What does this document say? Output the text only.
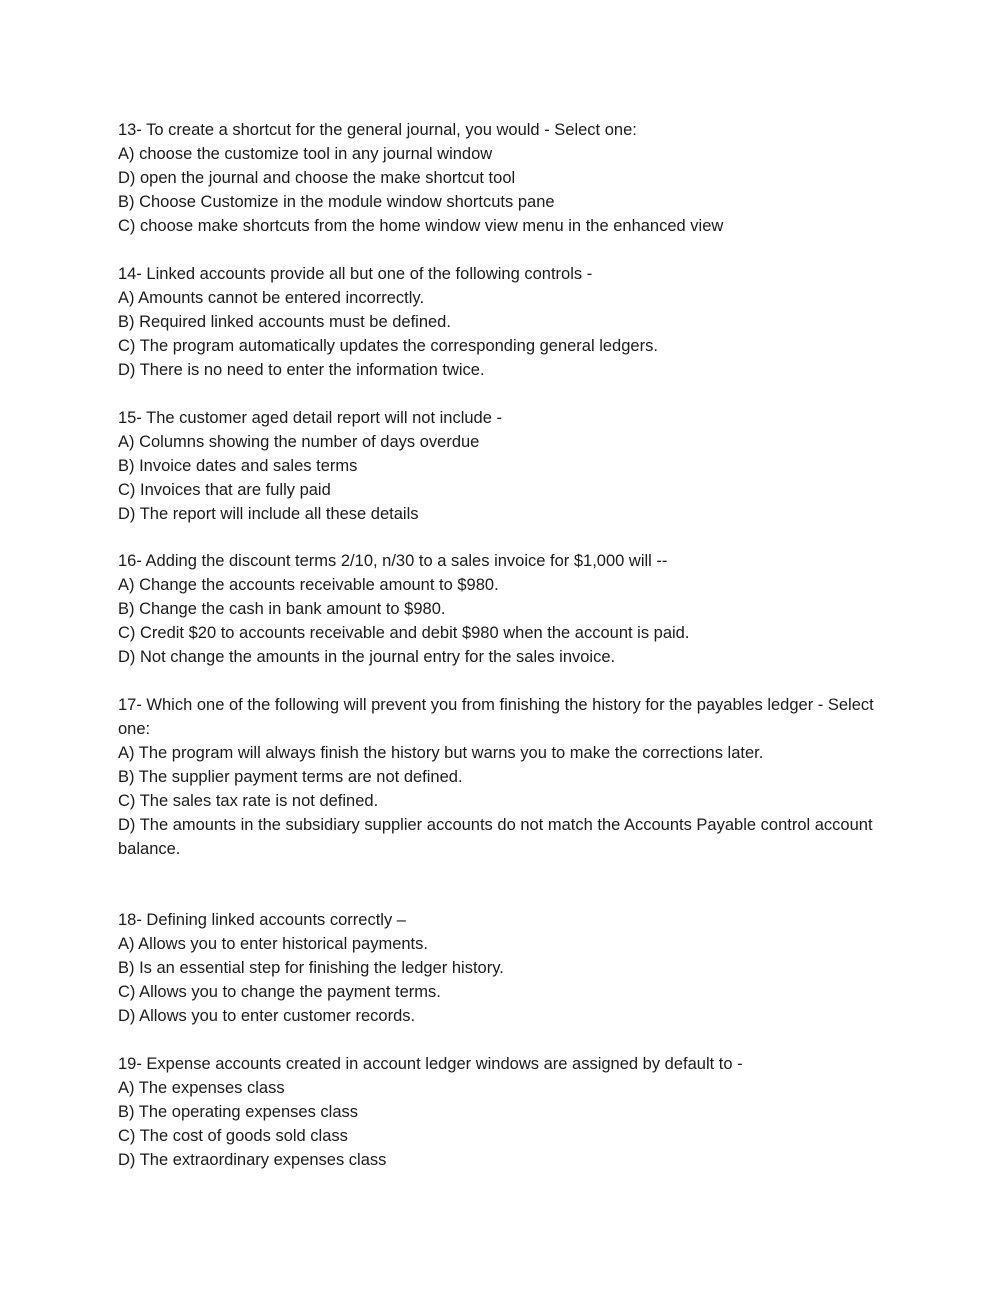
13- To create a shortcut for the general journal, you would - Select one:
A) choose the customize tool in any journal window
D) open the journal and choose the make shortcut tool
B) Choose Customize in the module window shortcuts pane
C) choose make shortcuts from the home window view menu in the enhanced view
14- Linked accounts provide all but one of the following controls -
A) Amounts cannot be entered incorrectly.
B) Required linked accounts must be defined.
C) The program automatically updates the corresponding general ledgers.
D) There is no need to enter the information twice.
15- The customer aged detail report will not include -
A) Columns showing the number of days overdue
B) Invoice dates and sales terms
C) Invoices that are fully paid
D) The report will include all these details
16- Adding the discount terms 2/10, n/30 to a sales invoice for $1,000 will --
A) Change the accounts receivable amount to $980.
B) Change the cash in bank amount to $980.
C) Credit $20 to accounts receivable and debit $980 when the account is paid.
D) Not change the amounts in the journal entry for the sales invoice.
17- Which one of the following will prevent you from finishing the history for the payables ledger - Select one:
A) The program will always finish the history but warns you to make the corrections later.
B) The supplier payment terms are not defined.
C) The sales tax rate is not defined.
D) The amounts in the subsidiary supplier accounts do not match the Accounts Payable control account balance.
18- Defining linked accounts correctly –
A) Allows you to enter historical payments.
B) Is an essential step for finishing the ledger history.
C) Allows you to change the payment terms.
D) Allows you to enter customer records.
19- Expense accounts created in account ledger windows are assigned by default to -
A) The expenses class
B) The operating expenses class
C) The cost of goods sold class
D) The extraordinary expenses class
